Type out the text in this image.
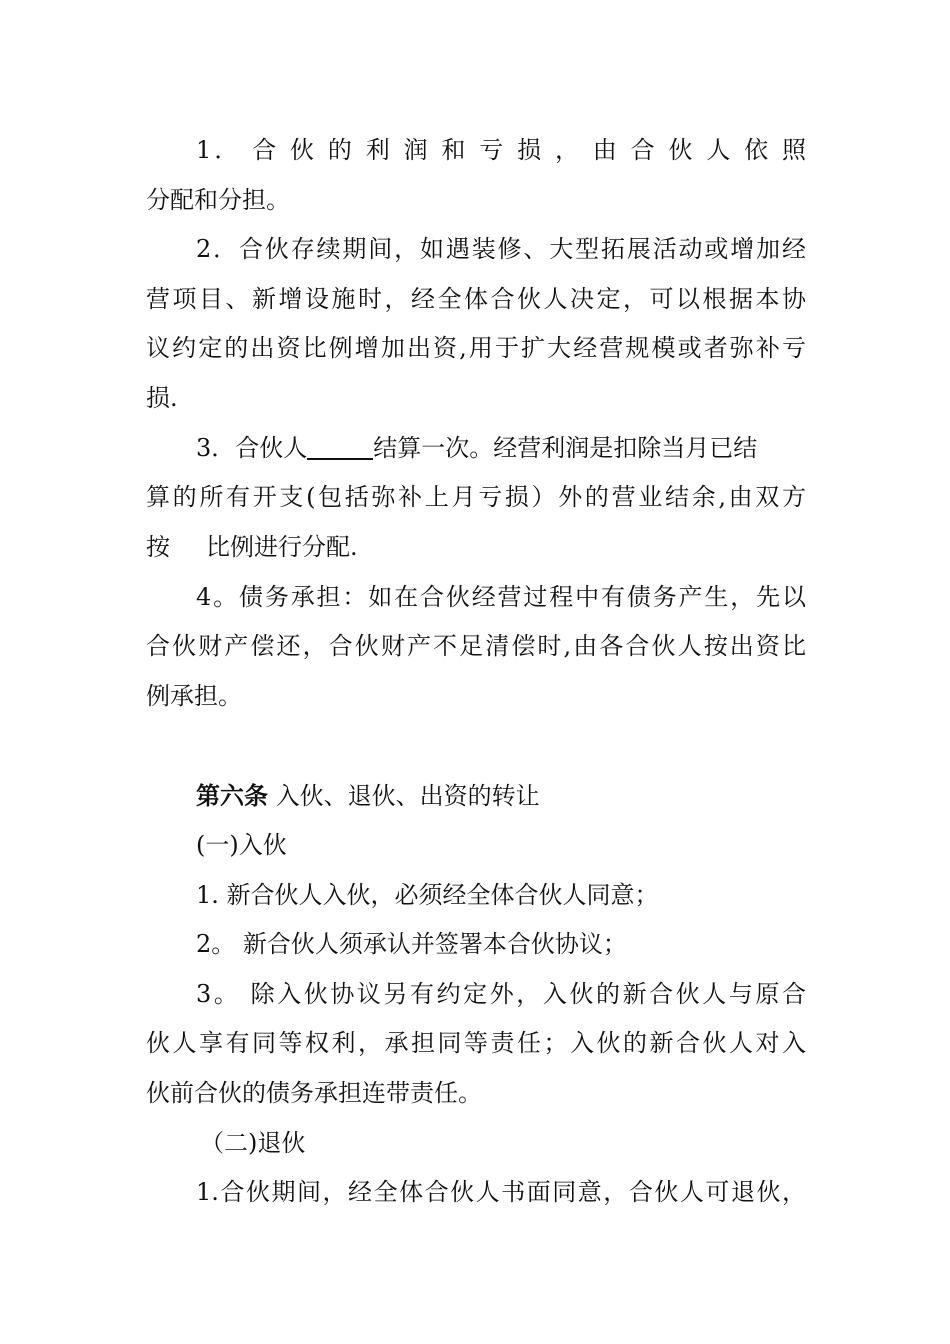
1． 合 伙 的 利 润 和 亏 损 ， 由 合 伙 人 依 照
分配和分担。
2．合伙存续期间，如遇装修、大型拓展活动或增加经
营项目、新增设施时，经全体合伙人决定，可以根据本协
议约定的出资比例增加出资,用于扩大经营规模或者弥补亏
损.
3．合伙人	结算一次。经营利润是扣除当月已结
算的所有开支(包括弥补上月亏损）外的营业结余,由双方
按 比例进行分配.
4。债务承担：如在合伙经营过程中有债务产生，先以
合伙财产偿还，合伙财产不足清偿时,由各合伙人按出资比
例承担。
第六条 入伙、退伙、出资的转让
(一)入伙
1. 新合伙人入伙，必须经全体合伙人同意；
2。 新合伙人须承认并签署本合伙协议；
3。 除入伙协议另有约定外，入伙的新合伙人与原合
伙人享有同等权利，承担同等责任；入伙的新合伙人对入
伙前合伙的债务承担连带责任。
（二)退伙
1.合伙期间，经全体合伙人书面同意，合伙人可退伙，
